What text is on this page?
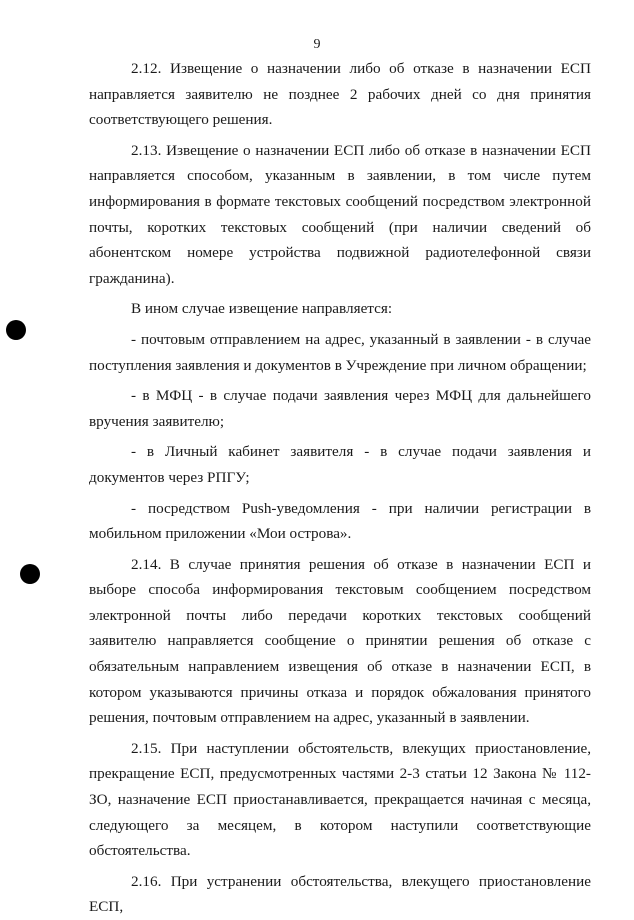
9

2.12. Извещение о назначении либо об отказе в назначении ЕСП направляется заявителю не позднее 2 рабочих дней со дня принятия соответствующего решения.

2.13. Извещение о назначении ЕСП либо об отказе в назначении ЕСП направляется способом, указанным в заявлении, в том числе путем информирования в формате текстовых сообщений посредством электронной почты, коротких текстовых сообщений (при наличии сведений об абонентском номере устройства подвижной радиотелефонной связи гражданина).

В ином случае извещение направляется:

- почтовым отправлением на адрес, указанный в заявлении - в случае поступления заявления и документов в Учреждение при личном обращении;

- в МФЦ - в случае подачи заявления через МФЦ для дальнейшего вручения заявителю;

- в Личный кабинет заявителя - в случае подачи заявления и документов через РПГУ;

- посредством Push-уведомления - при наличии регистрации в мобильном приложении «Мои острова».

2.14. В случае принятия решения об отказе в назначении ЕСП и выборе способа информирования текстовым сообщением посредством электронной почты либо передачи коротких текстовых сообщений заявителю направляется сообщение о принятии решения об отказе с обязательным направлением извещения об отказе в назначении ЕСП, в котором указываются причины отказа и порядок обжалования принятого решения, почтовым отправлением на адрес, указанный в заявлении.

2.15. При наступлении обстоятельств, влекущих приостановление, прекращение ЕСП, предусмотренных частями 2-3 статьи 12 Закона № 112-ЗО, назначение ЕСП приостанавливается, прекращается начиная с месяца, следующего за месяцем, в котором наступили соответствующие обстоятельства.

2.16. При устранении обстоятельства, влекущего приостановление ЕСП,
